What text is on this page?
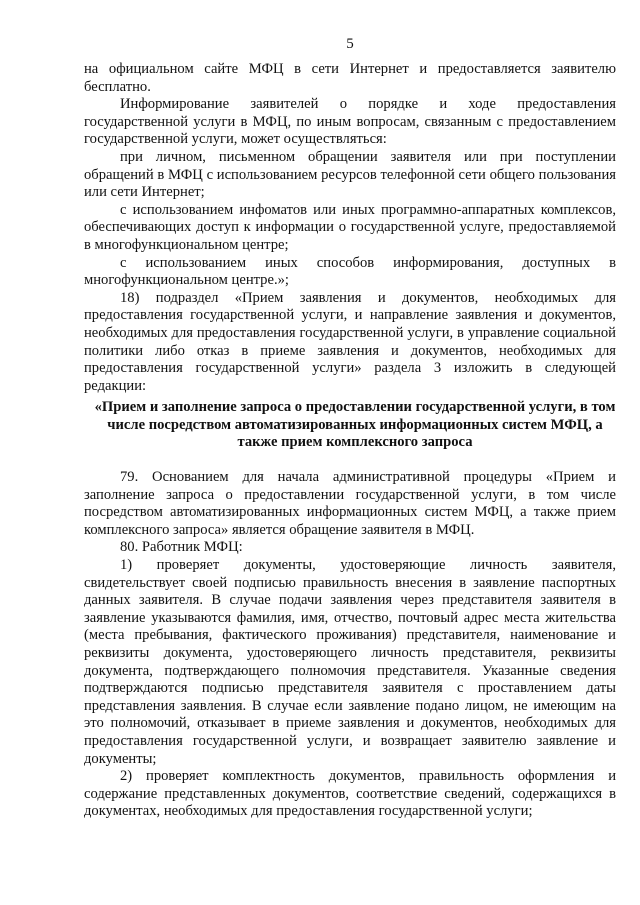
5

на официальном сайте МФЦ в сети Интернет и предоставляется заявителю бесплатно.

Информирование заявителей о порядке и ходе предоставления государственной услуги в МФЦ, по иным вопросам, связанным с предоставлением государственной услуги, может осуществляться:

при личном, письменном обращении заявителя или при поступлении обращений в МФЦ с использованием ресурсов телефонной сети общего пользования или сети Интернет;

с использованием инфоматов или иных программно-аппаратных комплексов, обеспечивающих доступ к информации о государственной услуге, предоставляемой в многофункциональном центре;

с использованием иных способов информирования, доступных в многофункциональном центре.»;

18) подраздел «Прием заявления и документов, необходимых для предоставления государственной услуги, и направление заявления и документов, необходимых для предоставления государственной услуги, в управление социальной политики либо отказ в приеме заявления и документов, необходимых для предоставления государственной услуги» раздела 3 изложить в следующей редакции:

«Прием и заполнение запроса о предоставлении государственной услуги, в том числе посредством автоматизированных информационных систем МФЦ, а также прием комплексного запроса

79. Основанием для начала административной процедуры «Прием и заполнение запроса о предоставлении государственной услуги, в том числе посредством автоматизированных информационных систем МФЦ, а также прием комплексного запроса» является обращение заявителя в МФЦ.

80. Работник МФЦ:

1) проверяет документы, удостоверяющие личность заявителя, свидетельствует своей подписью правильность внесения в заявление паспортных данных заявителя. В случае подачи заявления через представителя заявителя в заявление указываются фамилия, имя, отчество, почтовый адрес места жительства (места пребывания, фактического проживания) представителя, наименование и реквизиты документа, удостоверяющего личность представителя, реквизиты документа, подтверждающего полномочия представителя. Указанные сведения подтверждаются подписью представителя заявителя с проставлением даты представления заявления. В случае если заявление подано лицом, не имеющим на это полномочий, отказывает в приеме заявления и документов, необходимых для предоставления государственной услуги, и возвращает заявителю заявление и документы;

2) проверяет комплектность документов, правильность оформления и содержание представленных документов, соответствие сведений, содержащихся в документах, необходимых для предоставления государственной услуги;
